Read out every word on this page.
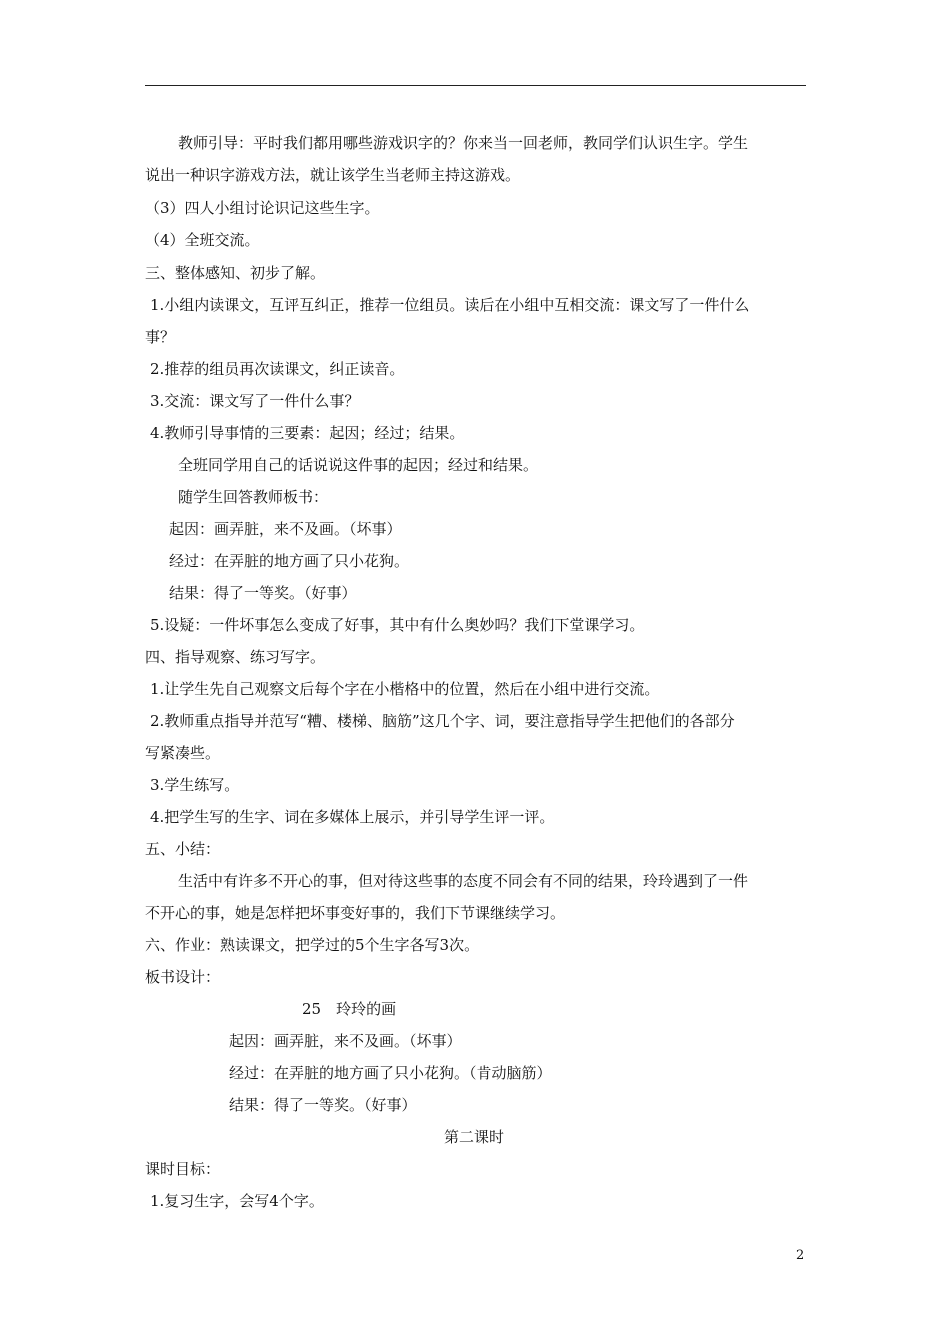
教师引导：平时我们都用哪些游戏识字的？你来当一回老师，教同学们认识生字。学生
说出一种识字游戏方法，就让该学生当老师主持这游戏。
（3）四人小组讨论识记这些生字。
（4）全班交流。
三、整体感知、初步了解。
1.小组内读课文，互评互纠正，推荐一位组员。读后在小组中互相交流：课文写了一件什么
事？
2.推荐的组员再次读课文，纠正读音。
3.交流：课文写了一件什么事？
4.教师引导事情的三要素：起因；经过；结果。
全班同学用自己的话说说这件事的起因；经过和结果。
随学生回答教师板书：
起因：画弄脏，来不及画。（坏事）
经过：在弄脏的地方画了只小花狗。
结果：得了一等奖。（好事）
5.设疑：一件坏事怎么变成了好事，其中有什么奥妙吗？我们下堂课学习。
四、指导观察、练习写字。
1.让学生先自己观察文后每个字在小楷格中的位置，然后在小组中进行交流。
2.教师重点指导并范写“糟、楼梯、脑筋”这几个字、词，要注意指导学生把他们的各部分
写紧凑些。
3.学生练写。
4.把学生写的生字、词在多媒体上展示，并引导学生评一评。
五、小结：
生活中有许多不开心的事，但对待这些事的态度不同会有不同的结果，玲玲遇到了一件
不开心的事，她是怎样把坏事变好事的，我们下节课继续学习。
六、作业：熟读课文，把学过的5个生字各写3次。
板书设计：
25　玲玲的画
起因：画弄脏，来不及画。（坏事）
经过：在弄脏的地方画了只小花狗。（肯动脑筋）
结果：得了一等奖。（好事）
第二课时
课时目标：
1.复习生字，会写4个字。
2
